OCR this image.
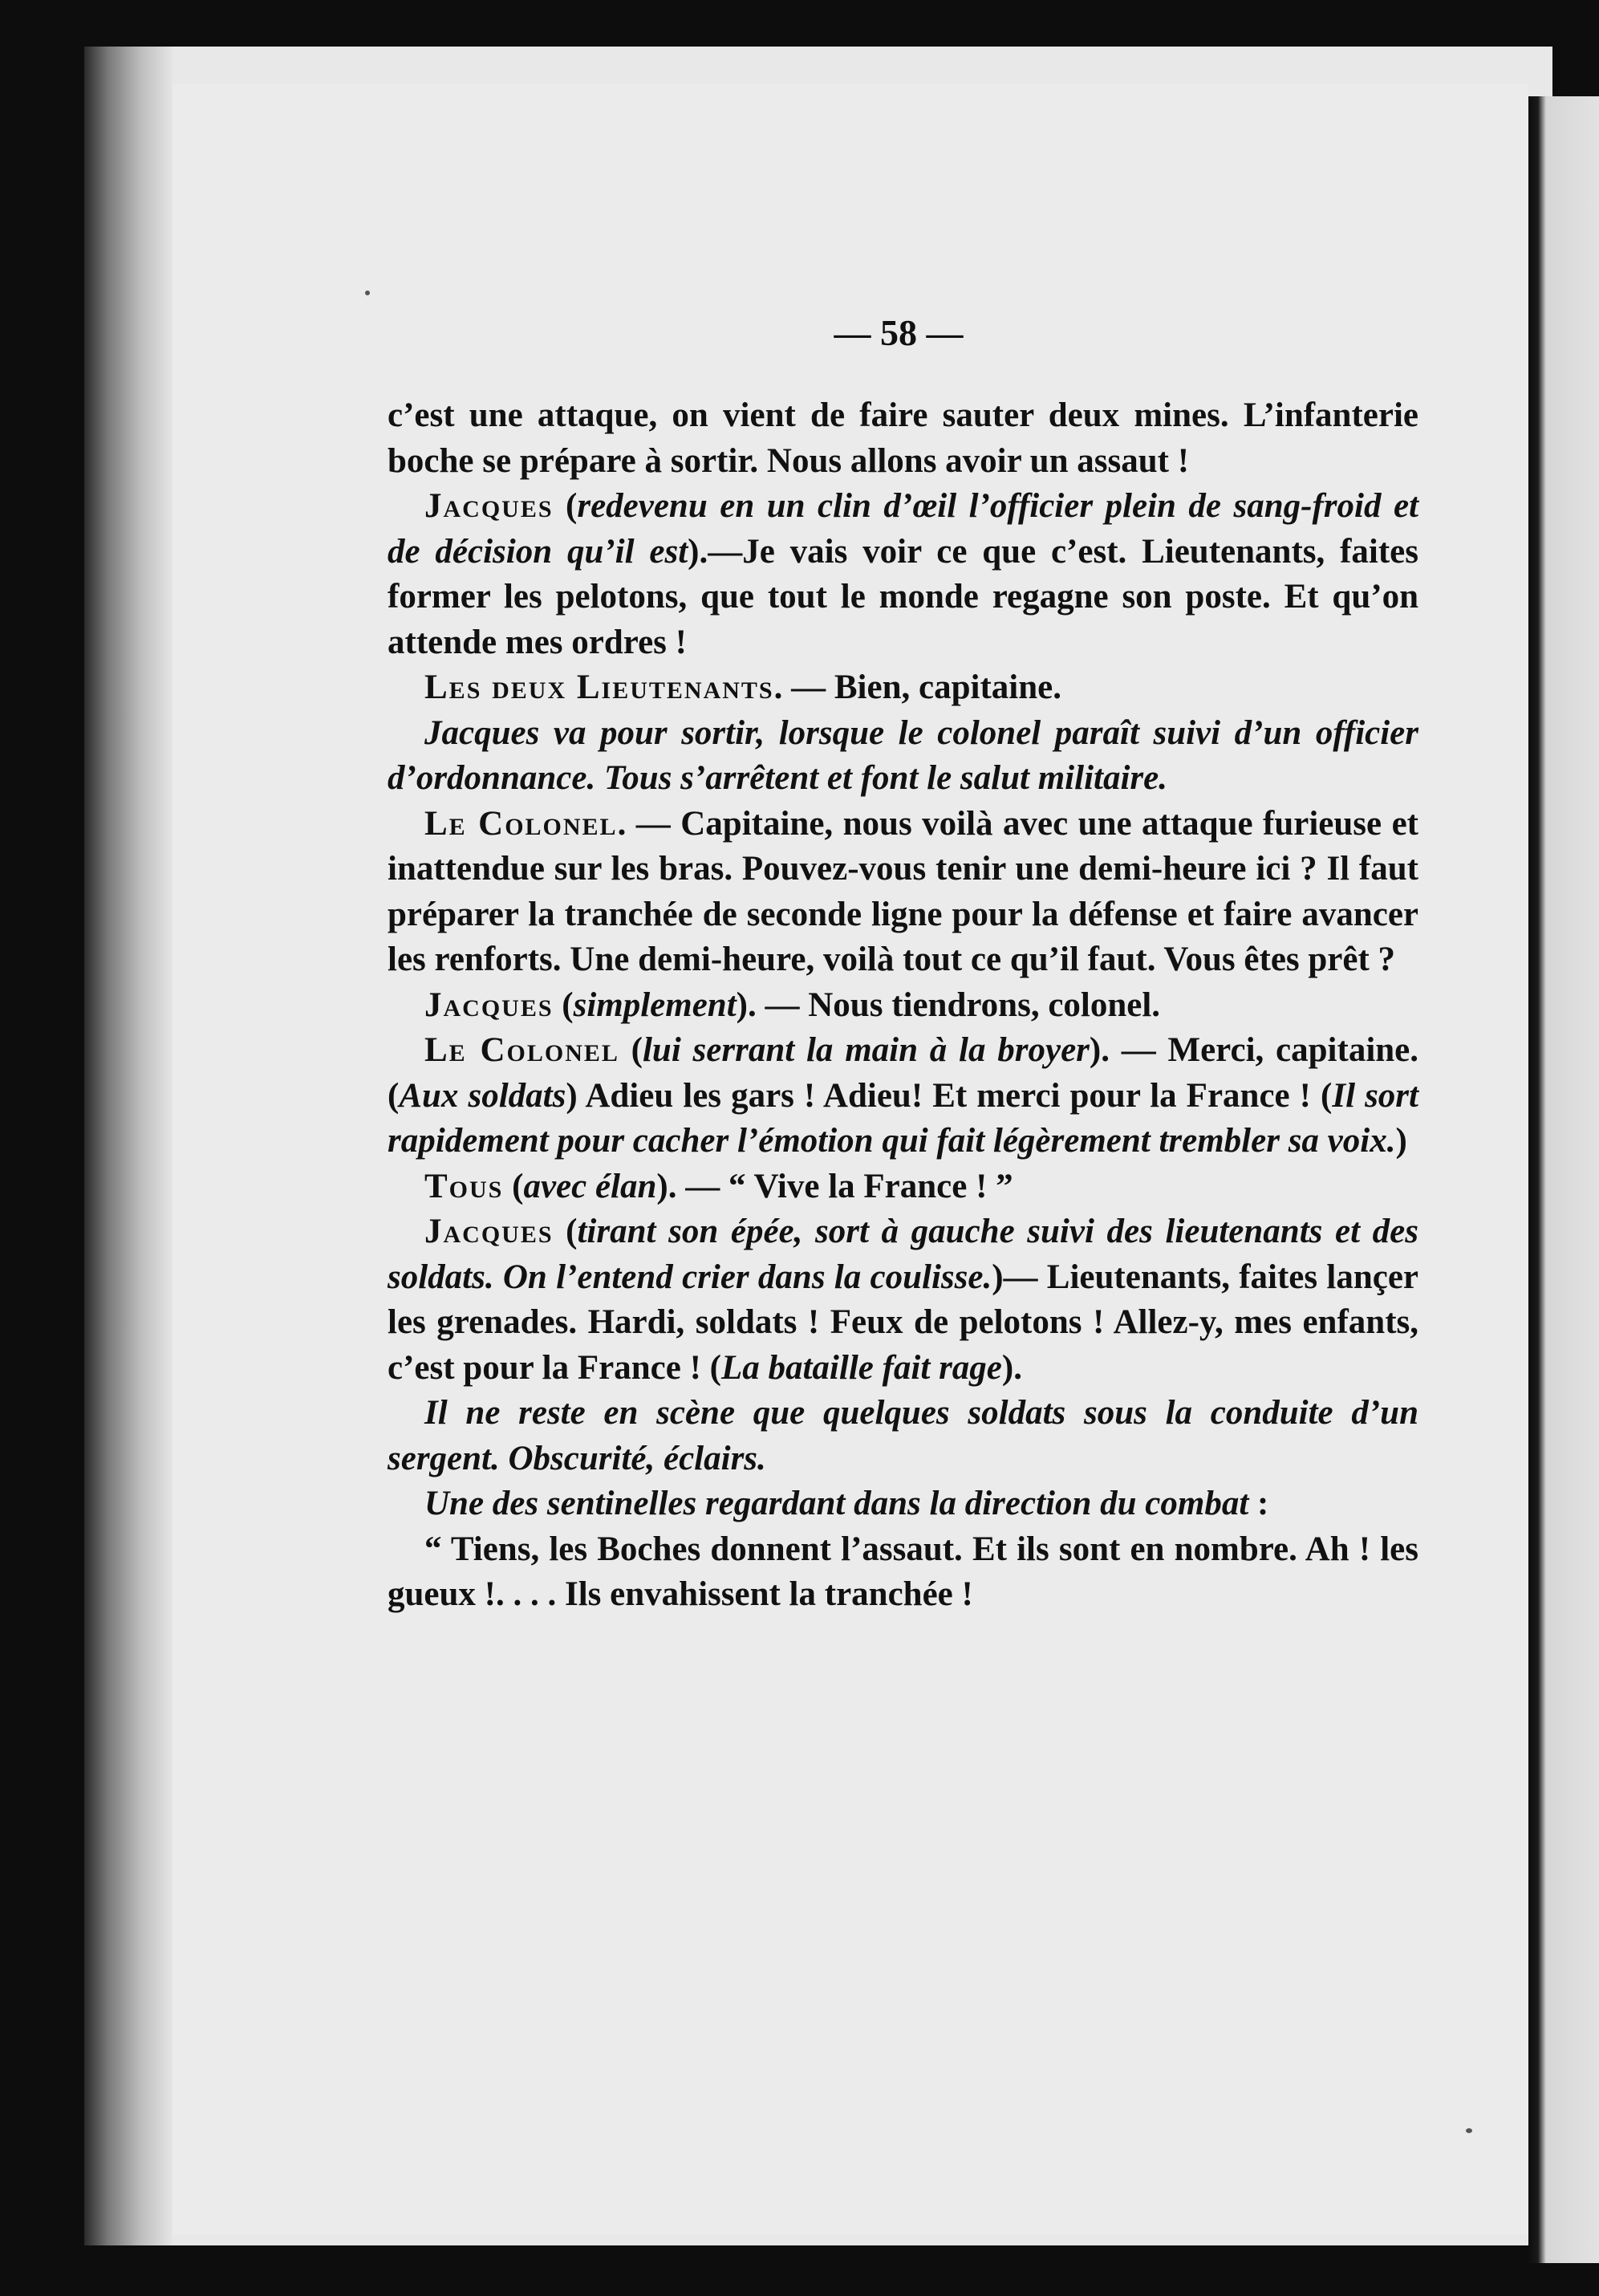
— 58 —

c’est une attaque, on vient de faire sauter deux mines. L’infanterie boche se prépare à sortir. Nous allons avoir un assaut !

Jacques (redevenu en un clin d’œil l’officier plein de sang-froid et de décision qu’il est).—Je vais voir ce que c’est. Lieutenants, faites former les pelotons, que tout le monde regagne son poste. Et qu’on attende mes ordres !

Les deux Lieutenants. — Bien, capitaine.

Jacques va pour sortir, lorsque le colonel paraît suivi d’un officier d’ordonnance. Tous s’arrêtent et font le salut militaire.

Le Colonel. — Capitaine, nous voilà avec une attaque furieuse et inattendue sur les bras. Pouvez-vous tenir une demi-heure ici ? Il faut préparer la tranchée de seconde ligne pour la défense et faire avancer les renforts. Une demi-heure, voilà tout ce qu’il faut. Vous êtes prêt ?

Jacques (simplement). — Nous tiendrons, colonel.

Le Colonel (lui serrant la main à la broyer). — Merci, capitaine. (Aux soldats) Adieu les gars ! Adieu! Et merci pour la France ! (Il sort rapidement pour cacher l’émotion qui fait légèrement trembler sa voix.)

Tous (avec élan). — “ Vive la France ! ”

Jacques (tirant son épée, sort à gauche suivi des lieutenants et des soldats. On l’entend crier dans la coulisse.)— Lieutenants, faites lançer les grenades. Hardi, soldats ! Feux de pelotons ! Allez-y, mes enfants, c’est pour la France ! (La bataille fait rage).

Il ne reste en scène que quelques soldats sous la conduite d’un sergent. Obscurité, éclairs.

Une des sentinelles regardant dans la direction du combat :

“ Tiens, les Boches donnent l’assaut. Et ils sont en nombre. Ah ! les gueux !. . . . Ils envahissent la tranchée !
